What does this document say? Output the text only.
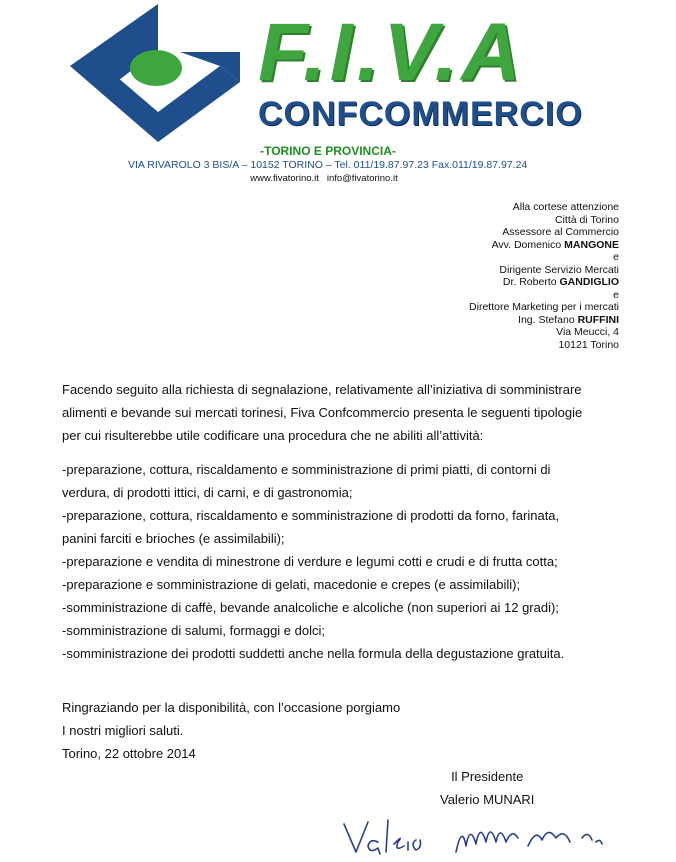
F.I.V.A
CONFCOMMERCIO
-TORINO E PROVINCIA-
VIA RIVAROLO 3 BIS/A – 10152 TORINO – Tel. 011/19.87.97.23 Fax.011/19.87.97.24
www.fivatorino.it info@fivatorino.it
Alla cortese attenzione
Città di Torino
Assessore al Commercio
Avv. Domenico MANGONE
e
Dirigente Servizio Mercati
Dr. Roberto GANDIGLIO
e
Direttore Marketing per i mercati
Ing. Stefano RUFFINI
Via Meucci, 4
10121 Torino

Facendo seguito alla richiesta di segnalazione, relativamente all’iniziativa di somministrare

alimenti e bevande sui mercati torinesi, Fiva Confcommercio presenta le seguenti tipologie

per cui risulterebbe utile codificare una procedura che ne abiliti all’attività:

-preparazione, cottura, riscaldamento e somministrazione di primi piatti, di contorni di

verdura, di prodotti ittici, di carni, e di gastronomia;

-preparazione, cottura, riscaldamento e somministrazione di prodotti da forno, farinata,

panini farciti e brioches (e assimilabili);

-preparazione e vendita di minestrone di verdure e legumi cotti e crudi e di frutta cotta;

-preparazione e somministrazione di gelati, macedonie e crepes (e assimilabili);

-somministrazione di caffè, bevande analcoliche e alcoliche (non superiori ai 12 gradi);

-somministrazione di salumi, formaggi e dolci;

-somministrazione dei prodotti suddetti anche nella formula della degustazione gratuita.

Ringraziando per la disponibilità, con l’occasione porgiamo
I nostri migliori saluti.
Torino, 22 ottobre 2014
Il Presidente
Valerio MUNARI
